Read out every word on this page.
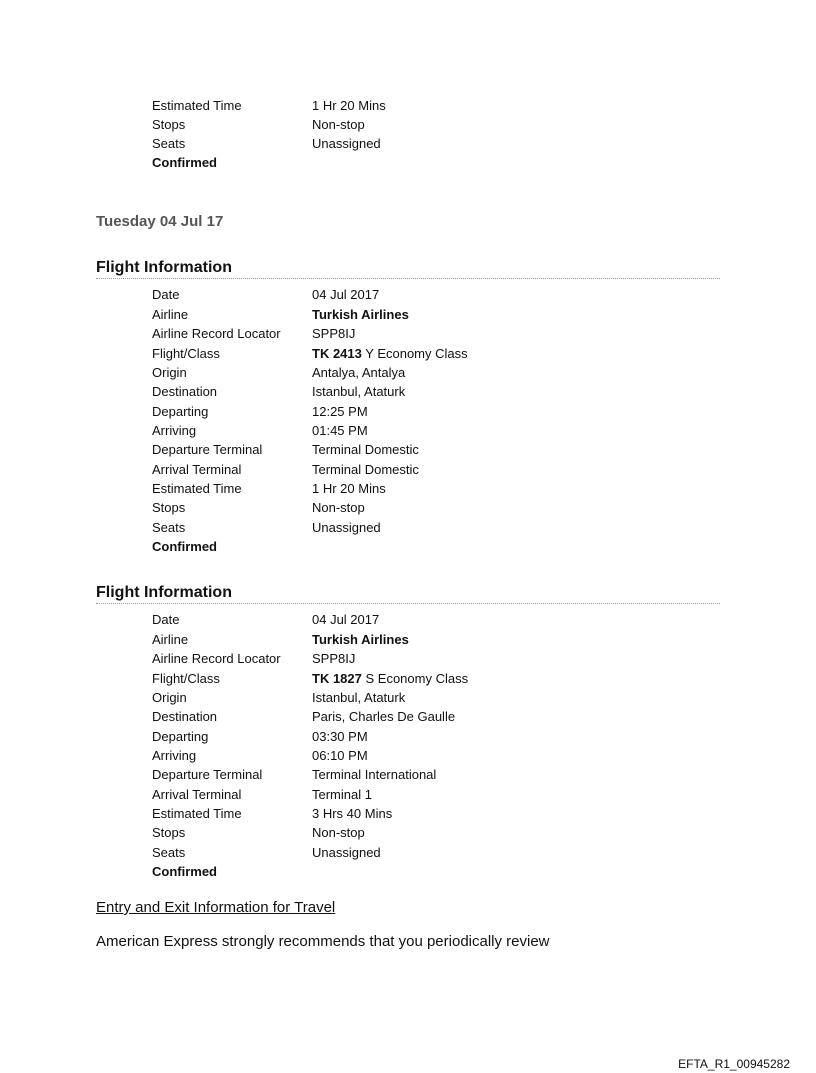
Estimated Time	1 Hr 20 Mins
Stops	Non-stop
Seats	Unassigned
Confirmed
Tuesday 04 Jul 17
Flight Information
Date	04 Jul 2017
Airline	Turkish Airlines
Airline Record Locator SPP8IJ
Flight/Class	TK 2413 Y Economy Class
Origin	Antalya, Antalya
Destination	Istanbul, Ataturk
Departing	12:25 PM
Arriving	01:45 PM
Departure Terminal	Terminal Domestic
Arrival Terminal	Terminal Domestic
Estimated Time	1 Hr 20 Mins
Stops	Non-stop
Seats	Unassigned
Confirmed
Flight Information
Date	04 Jul 2017
Airline	Turkish Airlines
Airline Record Locator SPP8IJ
Flight/Class	TK 1827 S Economy Class
Origin	Istanbul, Ataturk
Destination	Paris, Charles De Gaulle
Departing	03:30 PM
Arriving	06:10 PM
Departure Terminal	Terminal International
Arrival Terminal	Terminal 1
Estimated Time	3 Hrs 40 Mins
Stops	Non-stop
Seats	Unassigned
Confirmed
Entry and Exit Information for Travel
American Express strongly recommends that you periodically review
EFTA_R1_00945282
